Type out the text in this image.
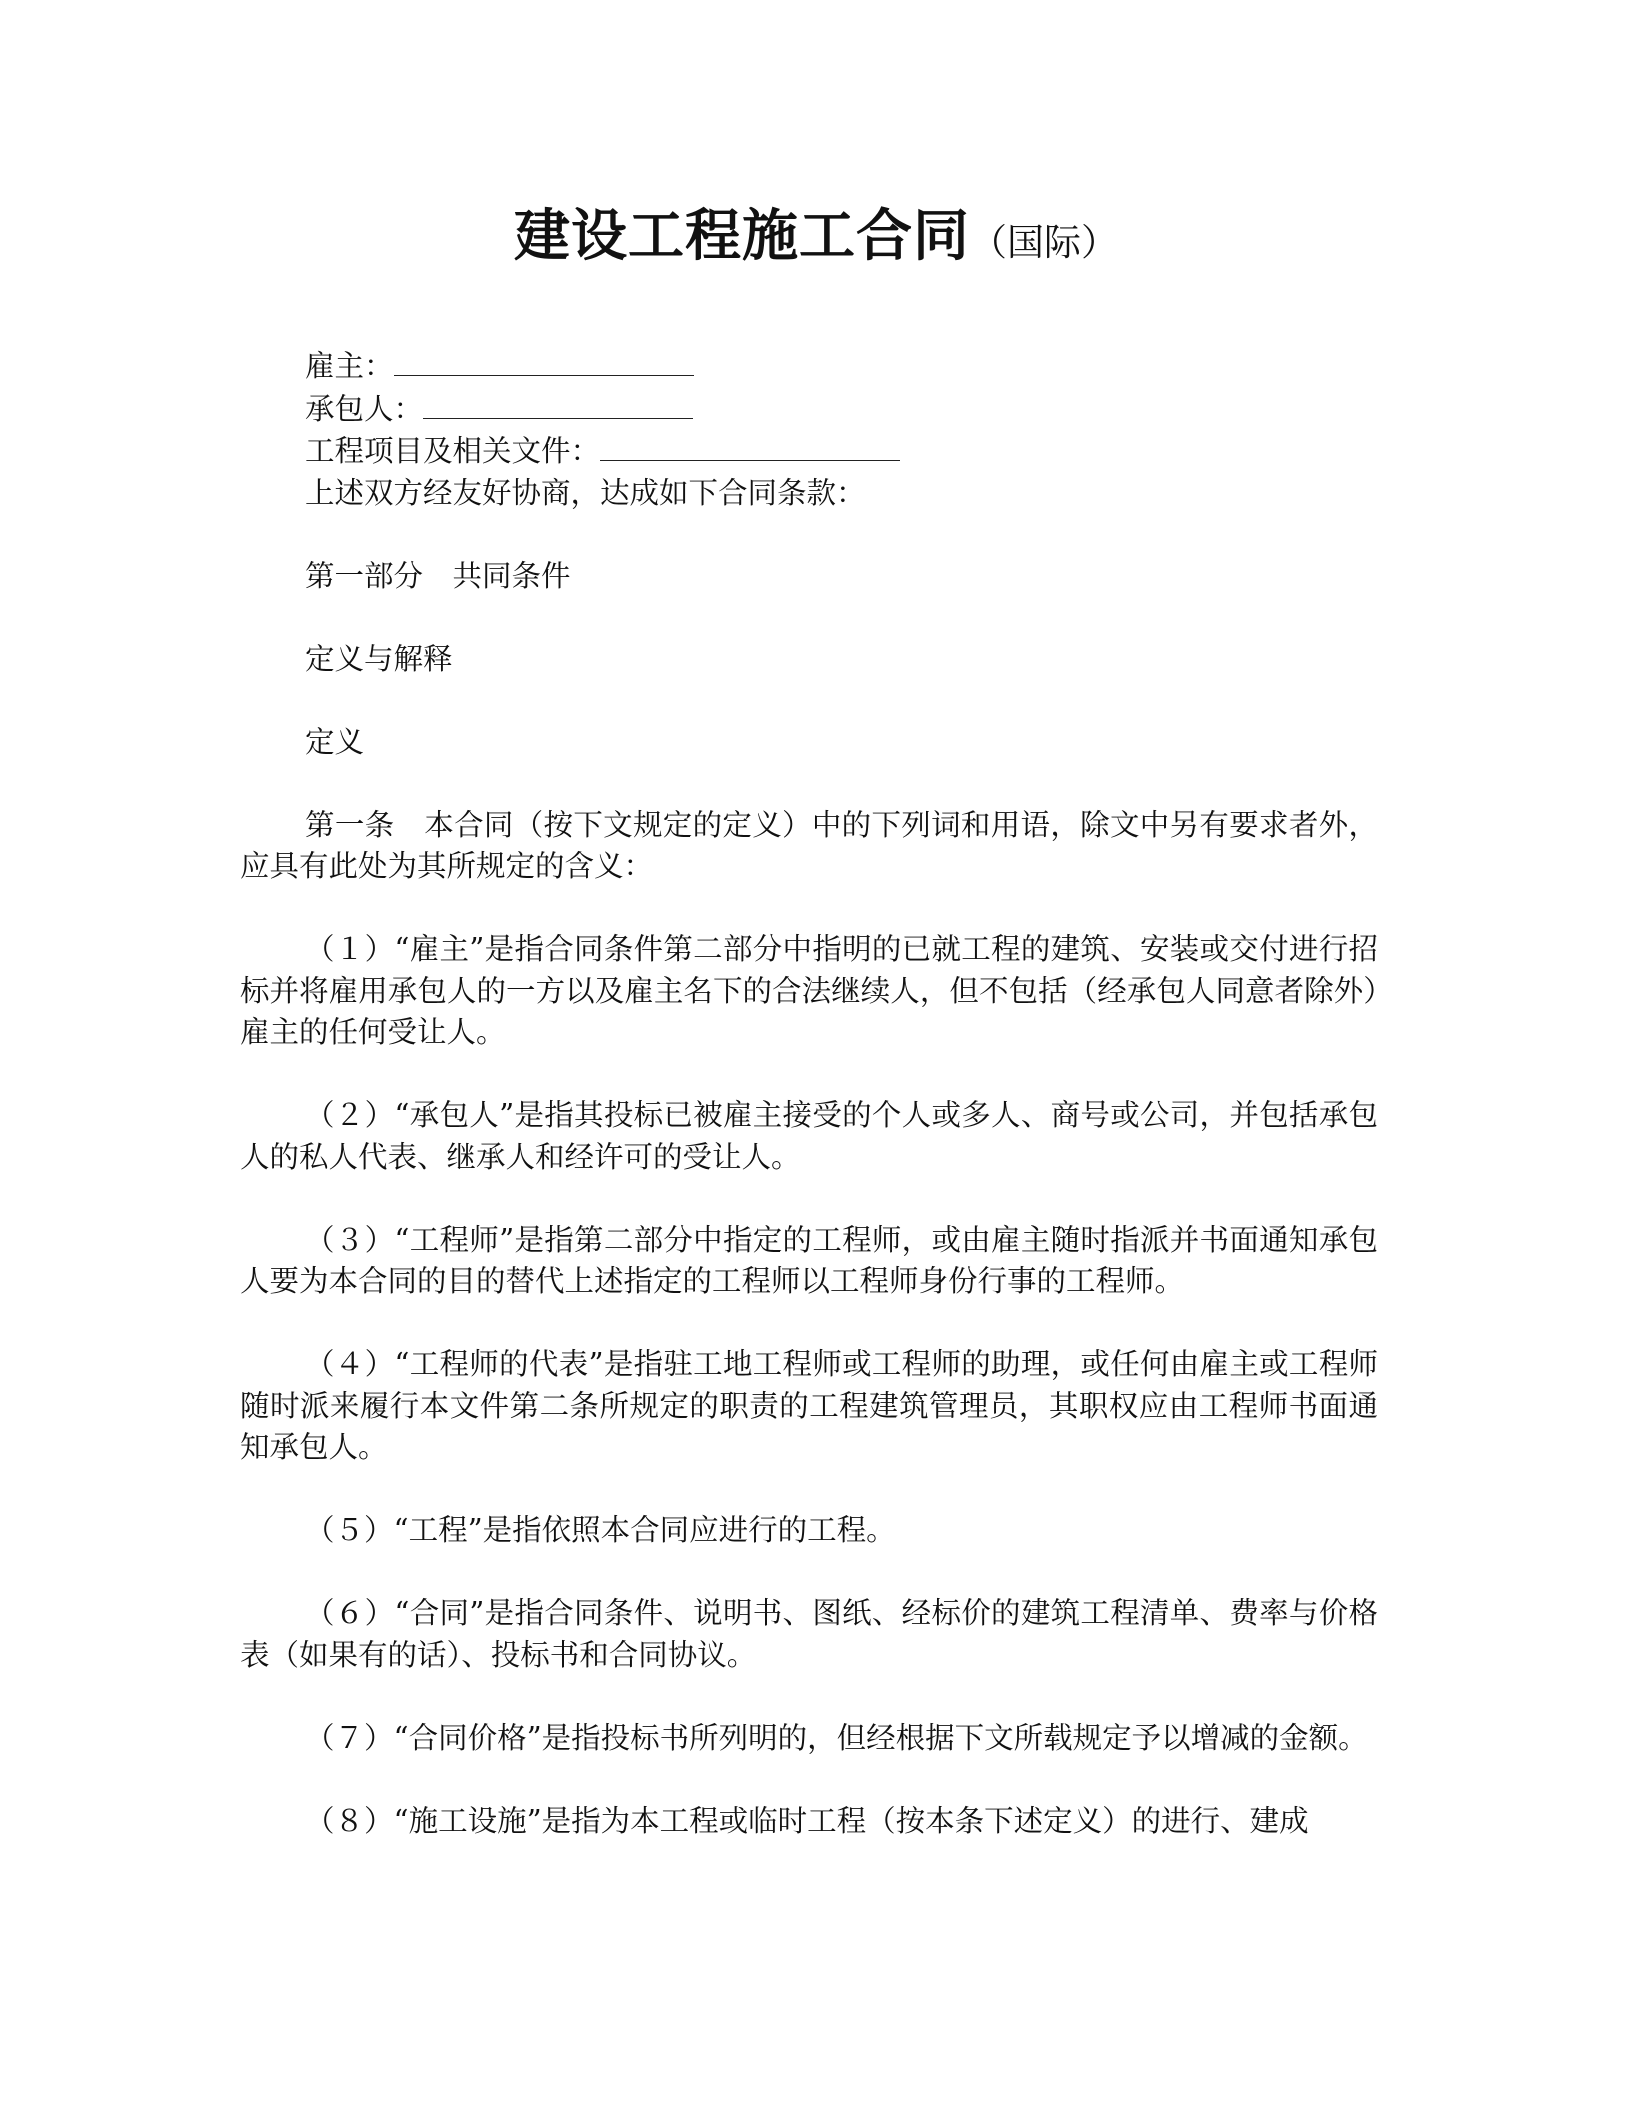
建设工程施工合同（国际）

雇主：

承包人：

工程项目及相关文件：

上述双方经友好协商，达成如下合同条款：

第一部分　共同条件

定义与解释

定义

第一条　本合同（按下文规定的定义）中的下列词和用语，除文中另有要求者外，应具有此处为其所规定的含义：

（１）“雇主”是指合同条件第二部分中指明的已就工程的建筑、安装或交付进行招标并将雇用承包人的一方以及雇主名下的合法继续人，但不包括（经承包人同意者除外）雇主的任何受让人。

（２）“承包人”是指其投标已被雇主接受的个人或多人、商号或公司，并包括承包人的私人代表、继承人和经许可的受让人。

（３）“工程师”是指第二部分中指定的工程师，或由雇主随时指派并书面通知承包人要为本合同的目的替代上述指定的工程师以工程师身份行事的工程师。

（４）“工程师的代表”是指驻工地工程师或工程师的助理，或任何由雇主或工程师随时派来履行本文件第二条所规定的职责的工程建筑管理员，其职权应由工程师书面通知承包人。

（５）“工程”是指依照本合同应进行的工程。

（６）“合同”是指合同条件、说明书、图纸、经标价的建筑工程清单、费率与价格表（如果有的话）、投标书和合同协议。

（７）“合同价格”是指投标书所列明的，但经根据下文所载规定予以增减的金额。

（８）“施工设施”是指为本工程或临时工程（按本条下述定义）的进行、建成
